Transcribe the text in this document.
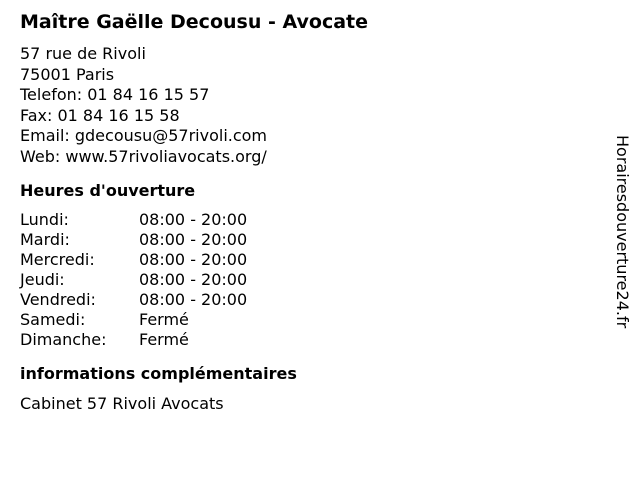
Maître Gaëlle Decousu - Avocate
57 rue de Rivoli
75001 Paris
Telefon: 01 84 16 15 57
Fax: 01 84 16 15 58
Email: gdecousu@57rivoli.com
Web: www.57rivoliavocats.org/
Heures d'ouverture
Lundi:	08:00 - 20:00
Mardi:	08:00 - 20:00
Mercredi:	08:00 - 20:00
Jeudi:	08:00 - 20:00
Vendredi:	08:00 - 20:00
Samedi:	Fermé
Dimanche:	Fermé
informations complémentaires
Cabinet 57 Rivoli Avocats
Horairesdouverture24.fr
